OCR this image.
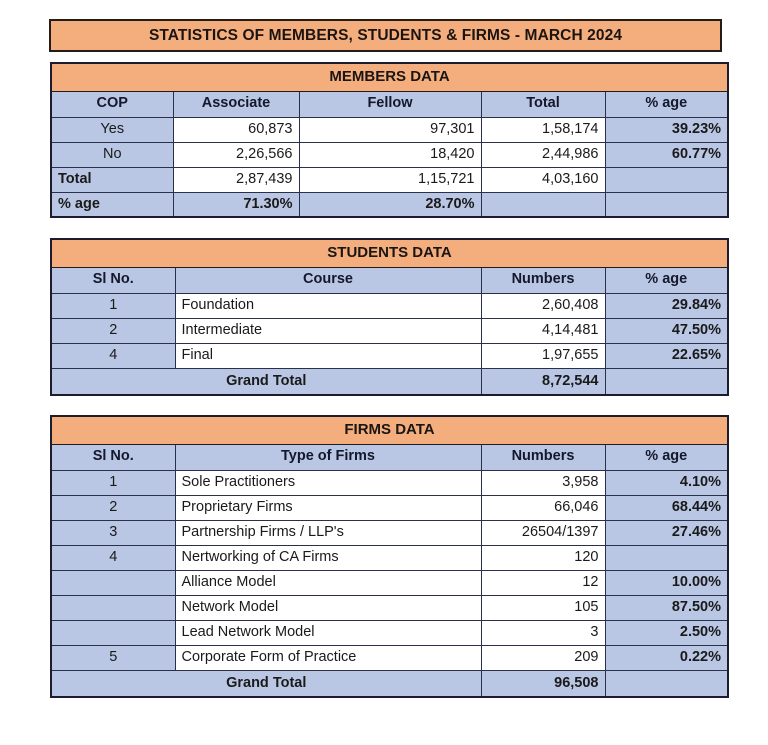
STATISTICS OF MEMBERS, STUDENTS & FIRMS - MARCH 2024
MEMBERS DATA				
COP	Associate	Fellow	Total	% age
Yes	60,873	97,301	1,58,174	39.23%
No	2,26,566	18,420	2,44,986	60.77%
Total	2,87,439	1,15,721	4,03,160	
% age	71.30%	28.70%		
STUDENTS DATA			
Sl No.	Course	Numbers	% age
1	Foundation	2,60,408	29.84%
2	Intermediate	4,14,481	47.50%
4	Final	1,97,655	22.65%
Grand Total		8,72,544	
FIRMS DATA			
Sl No.	Type of Firms	Numbers	% age
1	Sole Practitioners	3,958	4.10%
2	Proprietary Firms	66,046	68.44%
3	Partnership Firms / LLP's	26504/1397	27.46%
4	Nertworking of CA Firms	120	
	Alliance Model	12	10.00%
	Network Model	105	87.50%
	Lead Network Model	3	2.50%
5	Corporate Form of Practice	209	0.22%
Grand Total		96,508	
